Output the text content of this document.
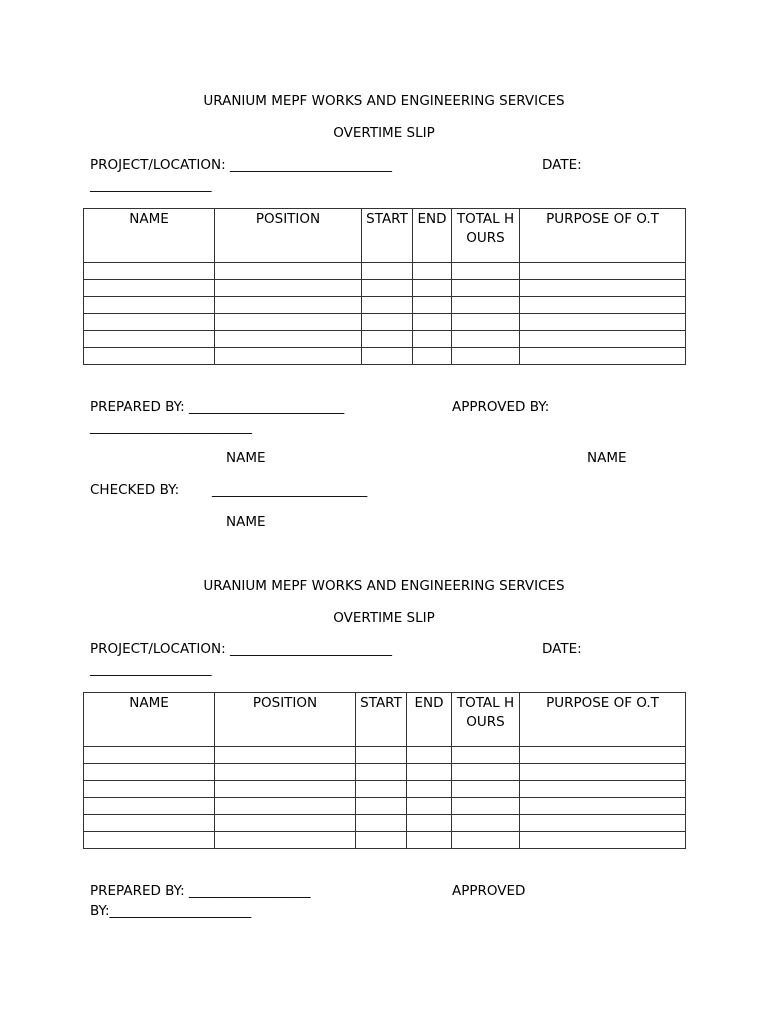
URANIUM MEPF WORKS AND ENGINEERING SERVICES
OVERTIME SLIP
PROJECT/LOCATION: ________________________	DATE:
__________________
NAME	POSITION	START	END	TOTAL HOURS	PURPOSE OF O.T

PREPARED BY: _______________________	APPROVED BY:
________________________
NAME	NAME
CHECKED BY: _______________________
NAME
URANIUM MEPF WORKS AND ENGINEERING SERVICES
OVERTIME SLIP
PROJECT/LOCATION: ________________________	DATE:
__________________
NAME	POSITION	START	END	TOTAL HOURS	PURPOSE OF O.T

PREPARED BY: __________________	APPROVED
BY:_____________________
